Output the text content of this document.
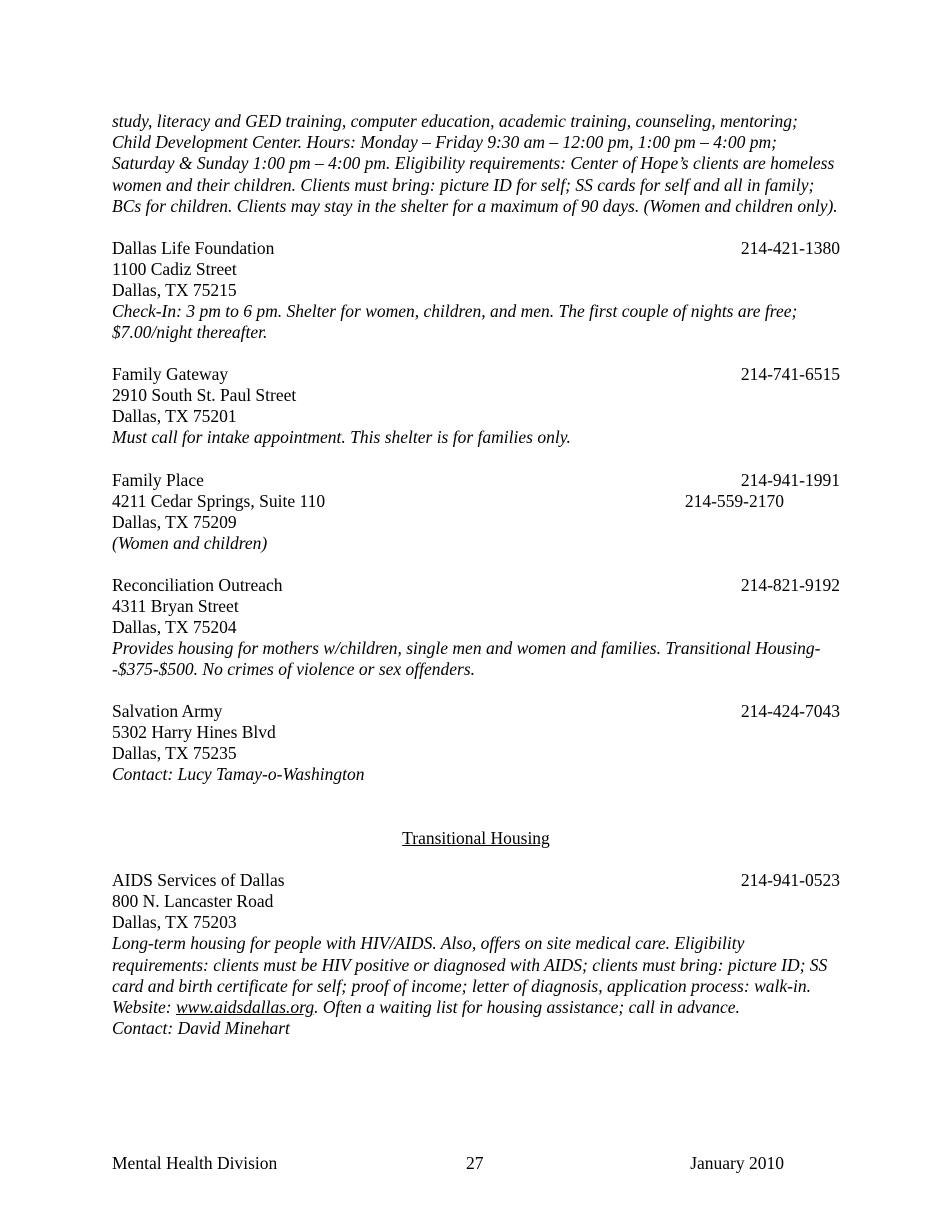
study, literacy and GED training, computer education, academic training, counseling, mentoring; Child Development Center. Hours: Monday – Friday 9:30 am – 12:00 pm, 1:00 pm – 4:00 pm; Saturday & Sunday 1:00 pm – 4:00 pm. Eligibility requirements: Center of Hope’s clients are homeless women and their children. Clients must bring: picture ID for self; SS cards for self and all in family; BCs for children. Clients may stay in the shelter for a maximum of 90 days. (Women and children only).
Dallas Life Foundation	214-421-1380
1100 Cadiz Street
Dallas, TX 75215
Check-In: 3 pm to 6 pm. Shelter for women, children, and men. The first couple of nights are free; $7.00/night thereafter.
Family Gateway	214-741-6515
2910 South St. Paul Street
Dallas, TX 75201
Must call for intake appointment. This shelter is for families only.
Family Place	214-941-1991
4211 Cedar Springs, Suite 110	214-559-2170
Dallas, TX 75209
(Women and children)
Reconciliation Outreach	214-821-9192
4311 Bryan Street
Dallas, TX 75204
Provides housing for mothers w/children, single men and women and families. Transitional Housing--$375-$500. No crimes of violence or sex offenders.
Salvation Army	214-424-7043
5302 Harry Hines Blvd
Dallas, TX 75235
Contact: Lucy Tamay-o-Washington
Transitional Housing
AIDS Services of Dallas	214-941-0523
800 N. Lancaster Road
Dallas, TX 75203
Long-term housing for people with HIV/AIDS. Also, offers on site medical care. Eligibility requirements: clients must be HIV positive or diagnosed with AIDS; clients must bring: picture ID; SS card and birth certificate for self; proof of income; letter of diagnosis, application process: walk-in. Website: www.aidsdallas.org. Often a waiting list for housing assistance; call in advance.
Contact: David Minehart
Mental Health Division	27	January 2010
